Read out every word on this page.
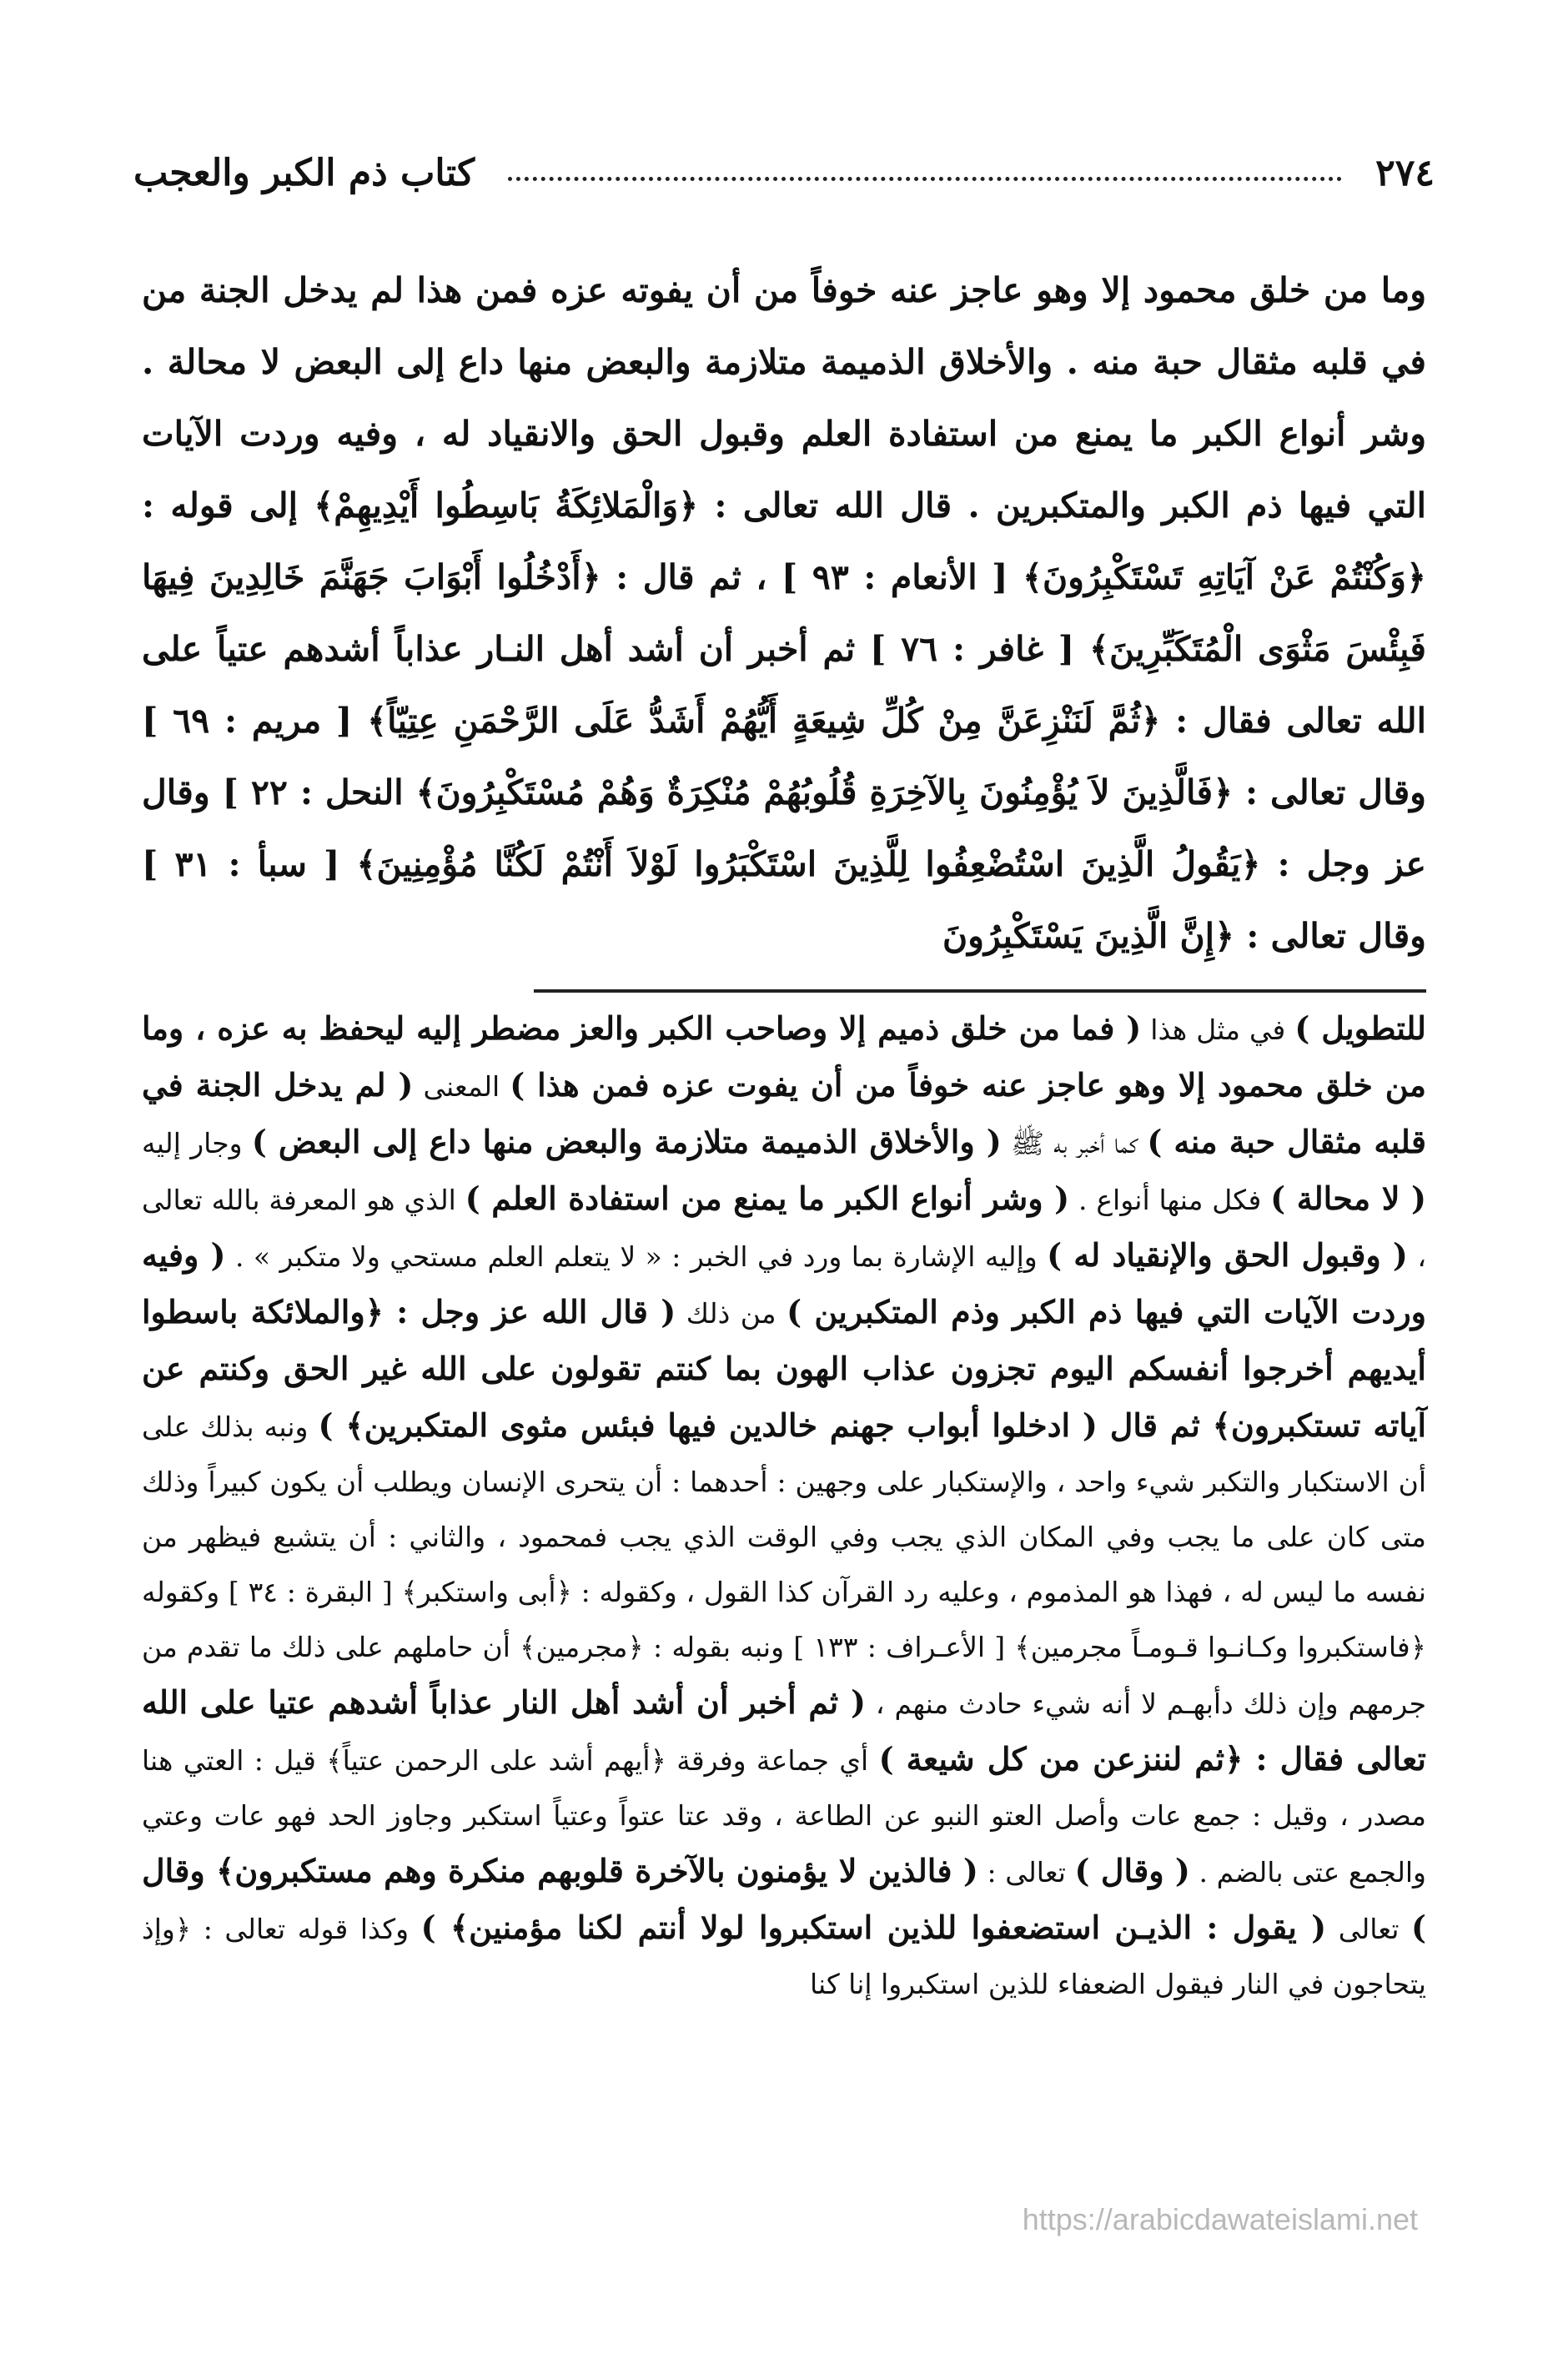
٢٧٤
كتاب ذم الكبر والعجب
وما من خلق محمود إلا وهو عاجز عنه خوفاً من أن يفوته عزه فمن هذا لم يدخل الجنة من في قلبه مثقال حبة منه . والأخلاق الذميمة متلازمة والبعض منها داع إلى البعض لا محالة . وشر أنواع الكبر ما يمنع من استفادة العلم وقبول الحق والانقياد له ، وفيه وردت الآيات التي فيها ذم الكبر والمتكبرين . قال الله تعالى : ﴿وَالْمَلائِكَةُ بَاسِطُوا أَيْدِيهِمْ﴾ إلى قوله : ﴿وَكُنْتُمْ عَنْ آيَاتِهِ تَسْتَكْبِرُونَ﴾ [ الأنعام : ٩٣ ] ، ثم قال : ﴿أَدْخُلُوا أَبْوَابَ جَهَنَّمَ خَالِدِينَ فِيهَا فَبِئْسَ مَثْوَى الْمُتَكَبِّرِينَ﴾ [ غافر : ٧٦ ] ثم أخبر أن أشد أهل النـار عذاباً أشدهم عتياً على الله تعالى فقال : ﴿ثُمَّ لَنَنْزِعَنَّ مِنْ كُلِّ شِيعَةٍ أَيُّهُمْ أَشَدُّ عَلَى الرَّحْمَنِ عِتِيّاً﴾ [ مريم : ٦٩ ] وقال تعالى : ﴿فَالَّذِينَ لاَ يُؤْمِنُونَ بِالآخِرَةِ قُلُوبُهُمْ مُنْكِرَةٌ وَهُمْ مُسْتَكْبِرُونَ﴾ النحل : ٢٢ ] وقال عز وجل : ﴿يَقُولُ الَّذِينَ اسْتُضْعِفُوا لِلَّذِينَ اسْتَكْبَرُوا لَوْلاَ أَنْتُمْ لَكُنَّا مُؤْمِنِينَ﴾ [ سبأ : ٣١ ] وقال تعالى : ﴿إِنَّ الَّذِينَ يَسْتَكْبِرُونَ
للتطويل ) في مثل هذا ( فما من خلق ذميم إلا وصاحب الكبر والعز مضطر إليه ليحفظ به عزه ، وما من خلق محمود إلا وهو عاجز عنه خوفاً من أن يفوت عزه فمن هذا ) المعنى ( لم يدخل الجنة في قلبه مثقال حبة منه ) كما أخبر به ﷺ ( والأخلاق الذميمة متلازمة والبعض منها داع إلى البعض ) وجار إليه ( لا محالة ) فكل منها أنواع . ( وشر أنواع الكبر ما يمنع من استفادة العلم ) الذي هو المعرفة بالله تعالى ، ( وقبول الحق والإنقياد له ) وإليه الإشارة بما ورد في الخبر : « لا يتعلم العلم مستحي ولا متكبر » . ( وفيه وردت الآيات التي فيها ذم الكبر وذم المتكبرين ) من ذلك ( قال الله عز وجل : ﴿والملائكة باسطوا أيديهم أخرجوا أنفسكم اليوم تجزون عذاب الهون بما كنتم تقولون على الله غير الحق وكنتم عن آياته تستكبرون﴾ ثم قال ( ادخلوا أبواب جهنم خالدين فيها فبئس مثوى المتكبرين﴾ ) ونبه بذلك على أن الاستكبار والتكبر شيء واحد ، والإستكبار على وجهين : أحدهما : أن يتحرى الإنسان ويطلب أن يكون كبيراً وذلك متى كان على ما يجب وفي المكان الذي يجب وفي الوقت الذي يجب فمحمود ، والثاني : أن يتشبع فيظهر من نفسه ما ليس له ، فهذا هو المذموم ، وعليه رد القرآن كذا القول ، وكقوله : ﴿أبى واستكبر﴾ [ البقرة : ٣٤ ] وكقوله ﴿فاستكبروا وكـانـوا قـومـاً مجرمين﴾ [ الأعـراف : ١٣٣ ] ونبه بقوله : ﴿مجرمين﴾ أن حاملهم على ذلك ما تقدم من جرمهم وإن ذلك دأبهـم لا أنه شيء حادث منهم ، ( ثم أخبر أن أشد أهل النار عذاباً أشدهم عتيا على الله تعالى فقال : ﴿ثم لننزعن من كل شيعة ) أي جماعة وفرقة ﴿أيهم أشد على الرحمن عتياً﴾ قيل : العتي هنا مصدر ، وقيل : جمع عات وأصل العتو النبو عن الطاعة ، وقد عتا عتواً وعتياً استكبر وجاوز الحد فهو عات وعتي والجمع عتى بالضم . ( وقال ) تعالى : ( فالذين لا يؤمنون بالآخرة قلوبهم منكرة وهم مستكبرون﴾ وقال ) تعالى ( يقول : الذيـن استضعفوا للذين استكبروا لولا أنتم لكنا مؤمنين﴾ ) وكذا قوله تعالى : ﴿وإذ يتحاجون في النار فيقول الضعفاء للذين استكبروا إنا كنا
https://arabicdawateislami.net
